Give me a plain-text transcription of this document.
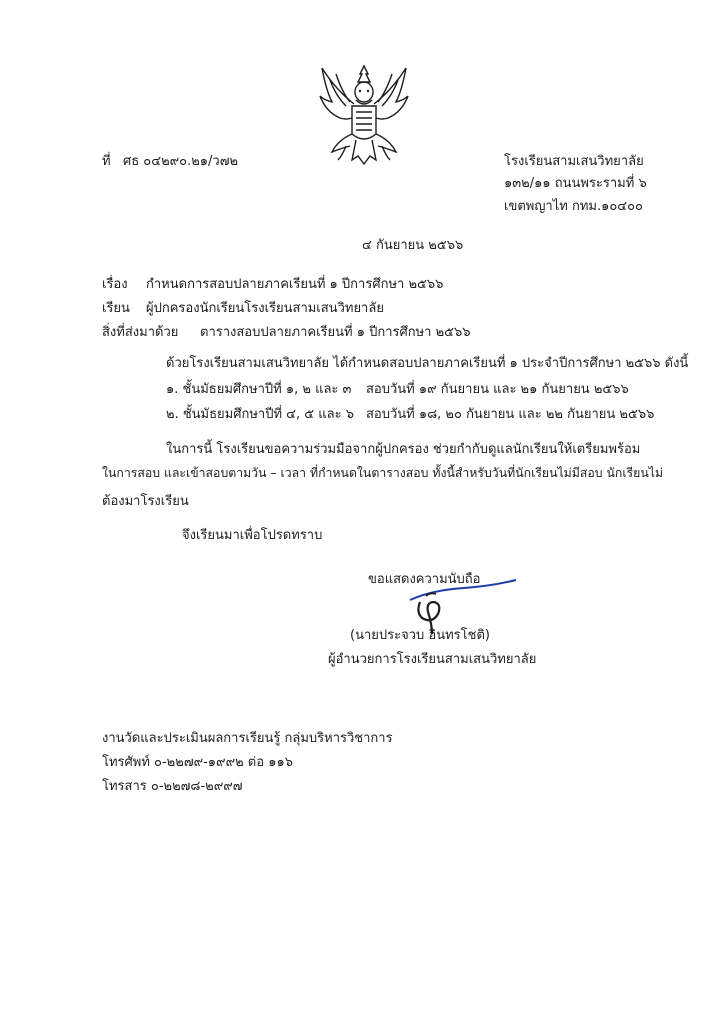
ที่ ศธ ๐๔๒๙๐.๒๑/ว๗๒	โรงเรียนสามเสนวิทยาลัย
๑๓๒/๑๑ ถนนพระรามที่ ๖
เขตพญาไท กทม.๑๐๔๐๐
๔ กันยายน ๒๕๖๖
เรื่อง กำหนดการสอบปลายภาคเรียนที่ ๑ ปีการศึกษา ๒๕๖๖
เรียน ผู้ปกครองนักเรียนโรงเรียนสามเสนวิทยาลัย
สิ่งที่ส่งมาด้วย ตารางสอบปลายภาคเรียนที่ ๑ ปีการศึกษา ๒๕๖๖
ด้วยโรงเรียนสามเสนวิทยาลัย ได้กำหนดสอบปลายภาคเรียนที่ ๑ ประจำปีการศึกษา ๒๕๖๖ ดังนี้
๑. ชั้นมัธยมศึกษาปีที่ ๑, ๒ และ ๓ สอบวันที่ ๑๙ กันยายน และ ๒๑ กันยายน ๒๕๖๖
๒. ชั้นมัธยมศึกษาปีที่ ๔, ๕ และ ๖ สอบวันที่ ๑๘, ๒๐ กันยายน และ ๒๒ กันยายน ๒๕๖๖
ในการนี้ โรงเรียนขอความร่วมมือจากผู้ปกครอง ช่วยกำกับดูแลนักเรียนให้เตรียมพร้อม
ในการสอบ และเข้าสอบตามวัน – เวลา ที่กำหนดในตารางสอบ ทั้งนี้สำหรับวันที่นักเรียนไม่มีสอบ นักเรียนไม่
ต้องมาโรงเรียน
จึงเรียนมาเพื่อโปรดทราบ
ขอแสดงความนับถือ
(นายประจวบ อินทรโชติ)
ผู้อำนวยการโรงเรียนสามเสนวิทยาลัย
งานวัดและประเมินผลการเรียนรู้ กลุ่มบริหารวิชาการ
โทรศัพท์ ๐-๒๒๗๙-๑๙๙๒ ต่อ ๑๑๖
โทรสาร ๐-๒๒๗๘-๒๙๙๗
